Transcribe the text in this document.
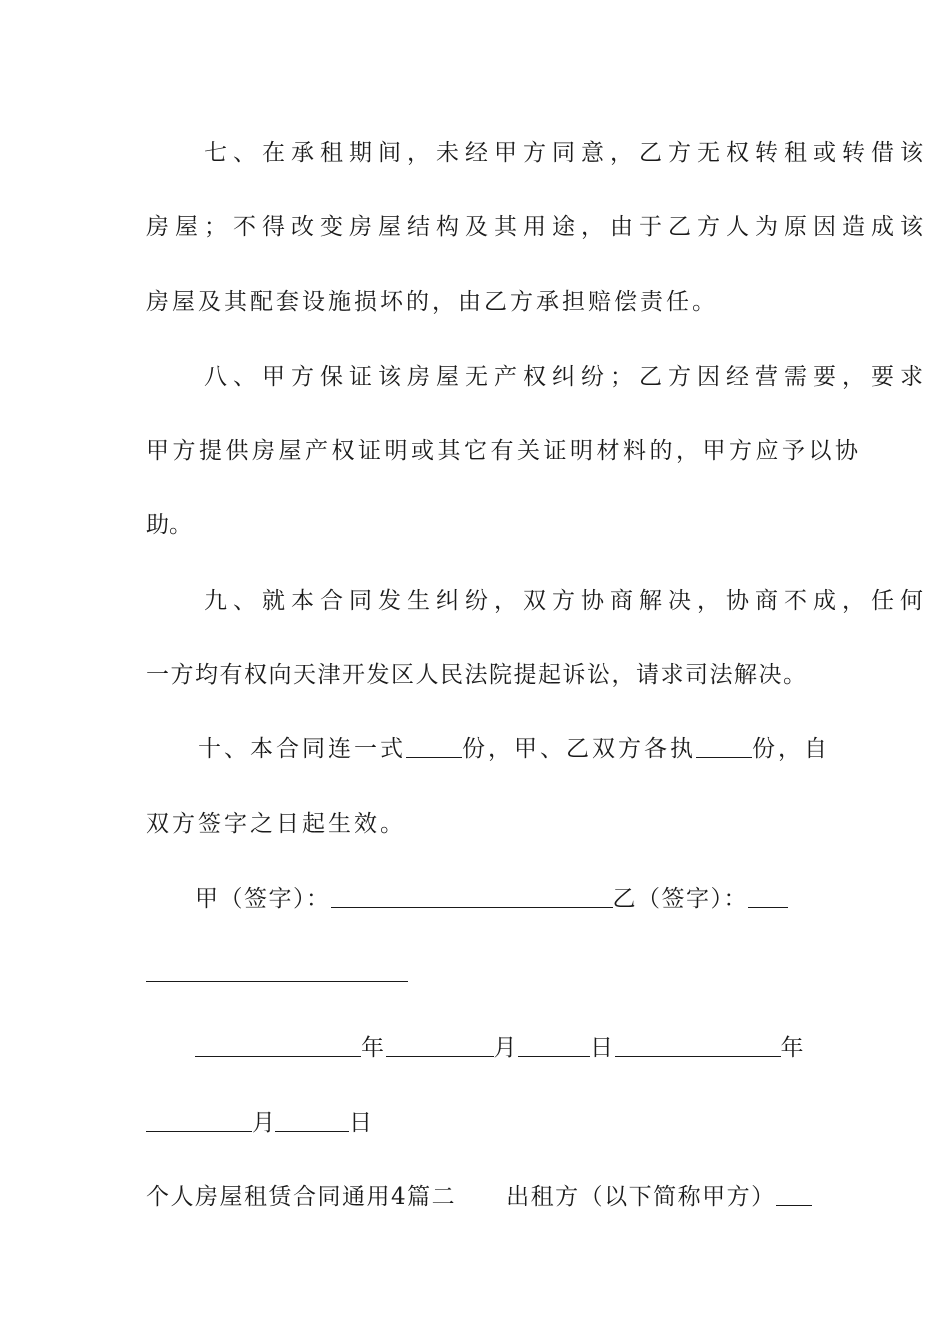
　　七、在承租期间，未经甲方同意，乙方无权转租或转借该
房屋；不得改变房屋结构及其用途，由于乙方人为原因造成该
房屋及其配套设施损坏的，由乙方承担赔偿责任。
　　八、甲方保证该房屋无产权纠纷；乙方因经营需要，要求
甲方提供房屋产权证明或其它有关证明材料的，甲方应予以协
助。
　　九、就本合同发生纠纷，双方协商解决，协商不成，任何
一方均有权向天津开发区人民法院提起诉讼，请求司法解决。
　　十、本合同连一式 份，甲、乙双方各执 份，自
双方签字之日起生效。
　　甲（签字）：	乙（签字）：
　　年	月	日	年
月	日
个人房屋租赁合同通用4篇二 出租方（以下简称甲方）
